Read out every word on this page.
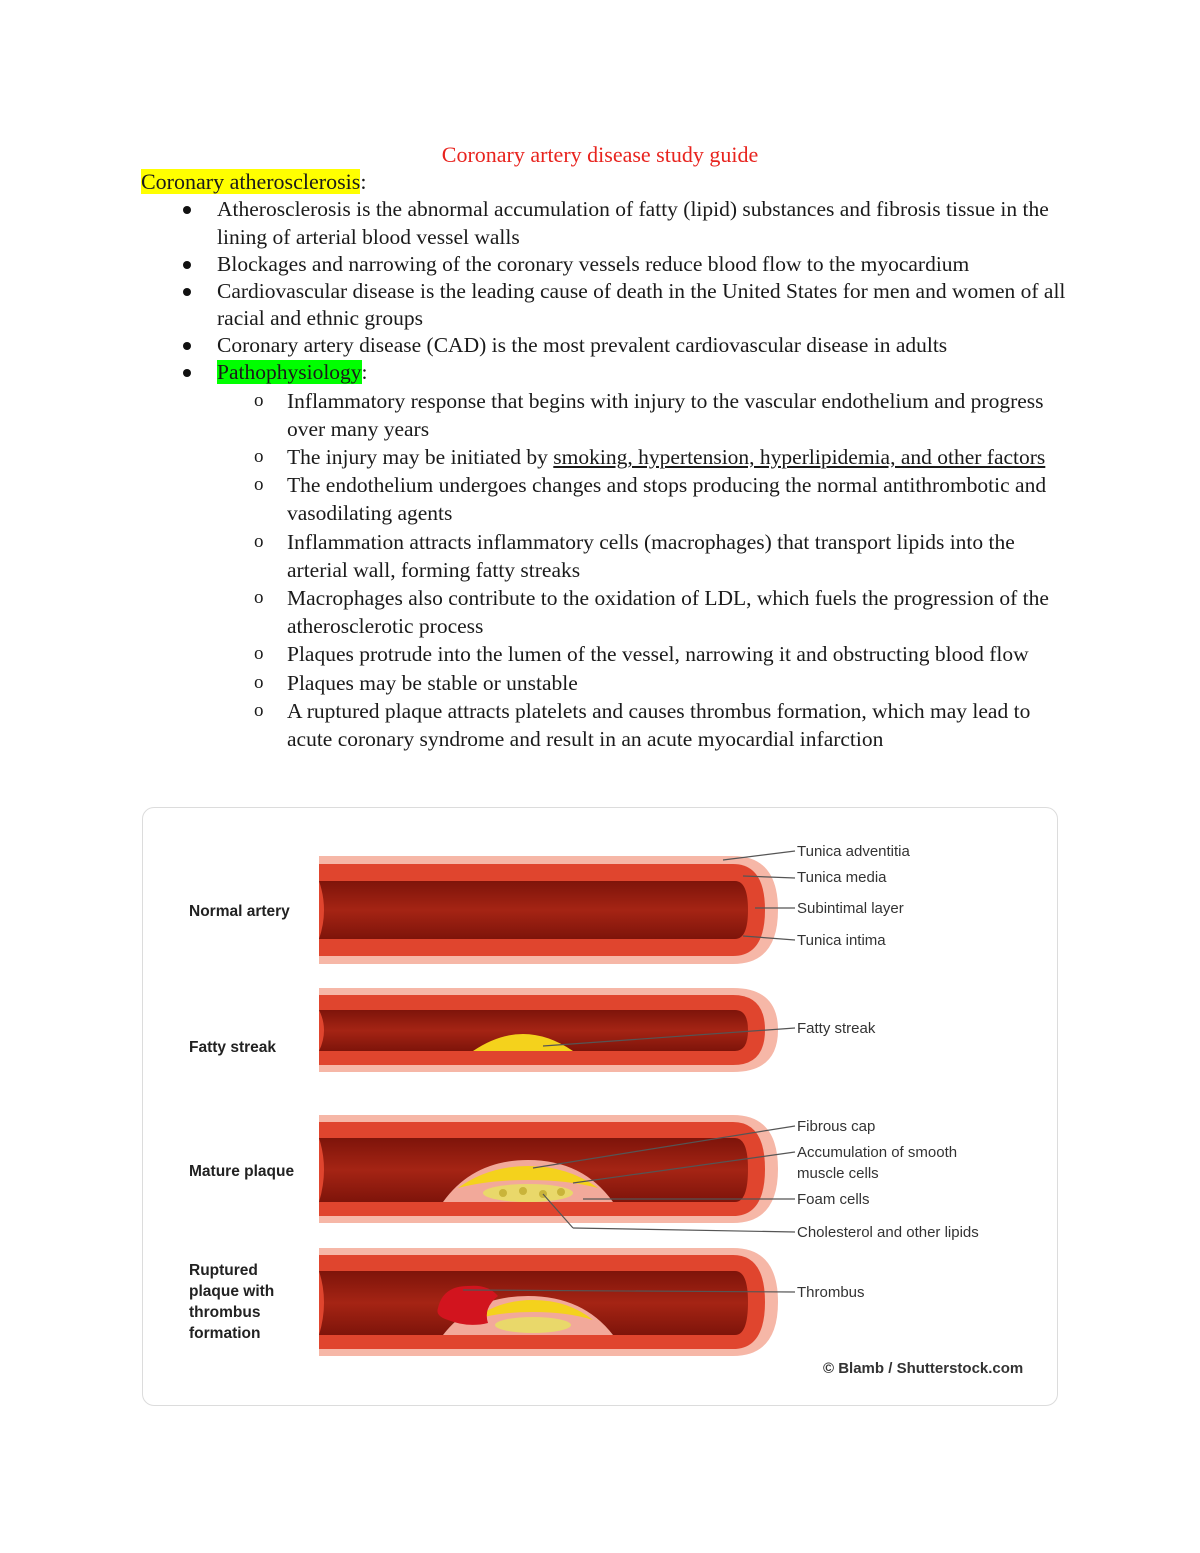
Coronary artery disease study guide
Coronary atherosclerosis:
Atherosclerosis is the abnormal accumulation of fatty (lipid) substances and fibrosis tissue in the lining of arterial blood vessel walls
Blockages and narrowing of the coronary vessels reduce blood flow to the myocardium
Cardiovascular disease is the leading cause of death in the United States for men and women of all racial and ethnic groups
Coronary artery disease (CAD) is the most prevalent cardiovascular disease in adults
Pathophysiology:
o Inflammatory response that begins with injury to the vascular endothelium and progress over many years
o The injury may be initiated by smoking, hypertension, hyperlipidemia, and other factors
o The endothelium undergoes changes and stops producing the normal antithrombotic and vasodilating agents
o Inflammation attracts inflammatory cells (macrophages) that transport lipids into the arterial wall, forming fatty streaks
o Macrophages also contribute to the oxidation of LDL, which fuels the progression of the atherosclerotic process
o Plaques protrude into the lumen of the vessel, narrowing it and obstructing blood flow
o Plaques may be stable or unstable
o A ruptured plaque attracts platelets and causes thrombus formation, which may lead to acute coronary syndrome and result in an acute myocardial infarction
Normal artery
Fatty streak
Mature plaque
Ruptured
plaque with
thrombus
formation
Tunica adventitia
Tunica media
Subintimal layer
Tunica intima
Fatty streak
Fibrous cap
Accumulation of smooth
muscle cells
Foam cells
Cholesterol and other lipids
Thrombus
© Blamb / Shutterstock.com
